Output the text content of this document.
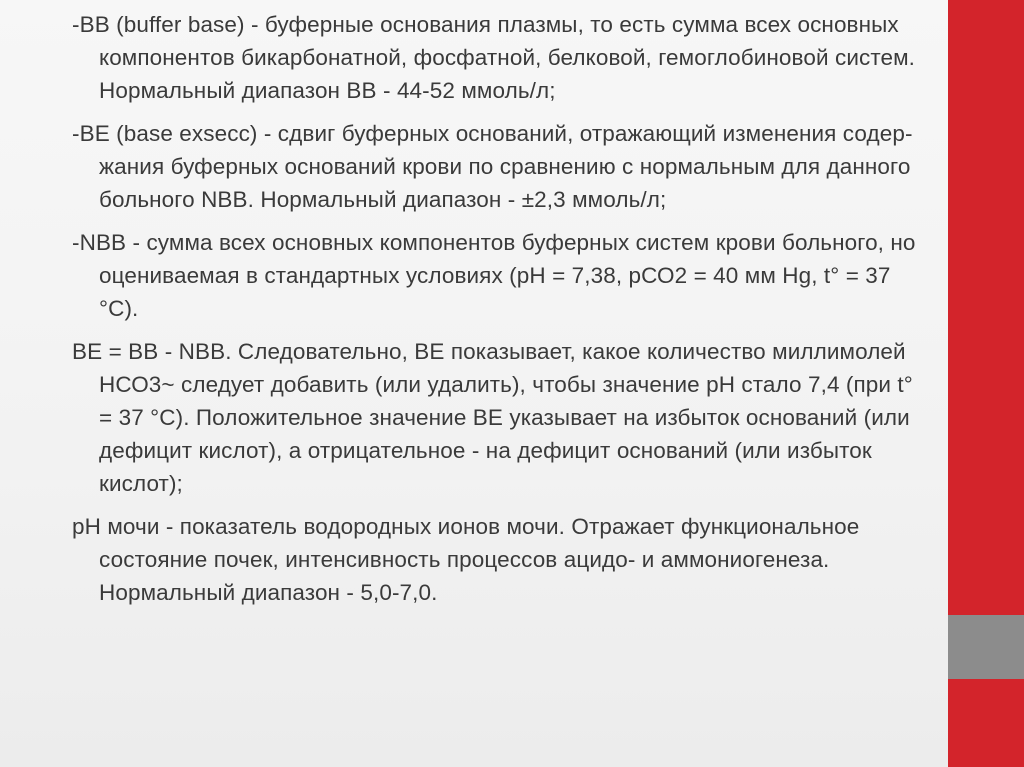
-BB (buffer base) - буферные основания плазмы, то есть сумма всех основных компонентов бикарбонатной, фосфатной, белковой, гемоглобиновой систем. Нормальный диапазон BB - 44-52 ммоль/л;

-BE (base exsecc) - сдвиг буферных оснований, отражающий изменения содер-жания буферных оснований крови по сравнению с нормальным для данного больного NBB. Нормальный диапазон - ±2,3 ммоль/л;

-NBB - сумма всех основных компонентов буферных систем крови больного, но оцениваемая в стандартных условиях (рН = 7,38, рСО2 = 40 мм Hg, t° = 37 °С).

BE = BB - NBB. Следовательно, BE показывает, какое количество миллимолей НСО3~ следует добавить (или удалить), чтобы значение рН стало 7,4 (при t° = 37 °С). Положительное значение BE указывает на избыток оснований (или дефицит кислот), а отрицательное - на дефицит оснований (или избыток кислот);

рН мочи - показатель водородных ионов мочи. Отражает функциональное состояние почек, интенсивность процессов ацидо- и аммониогенеза. Нормальный диапазон - 5,0-7,0.
